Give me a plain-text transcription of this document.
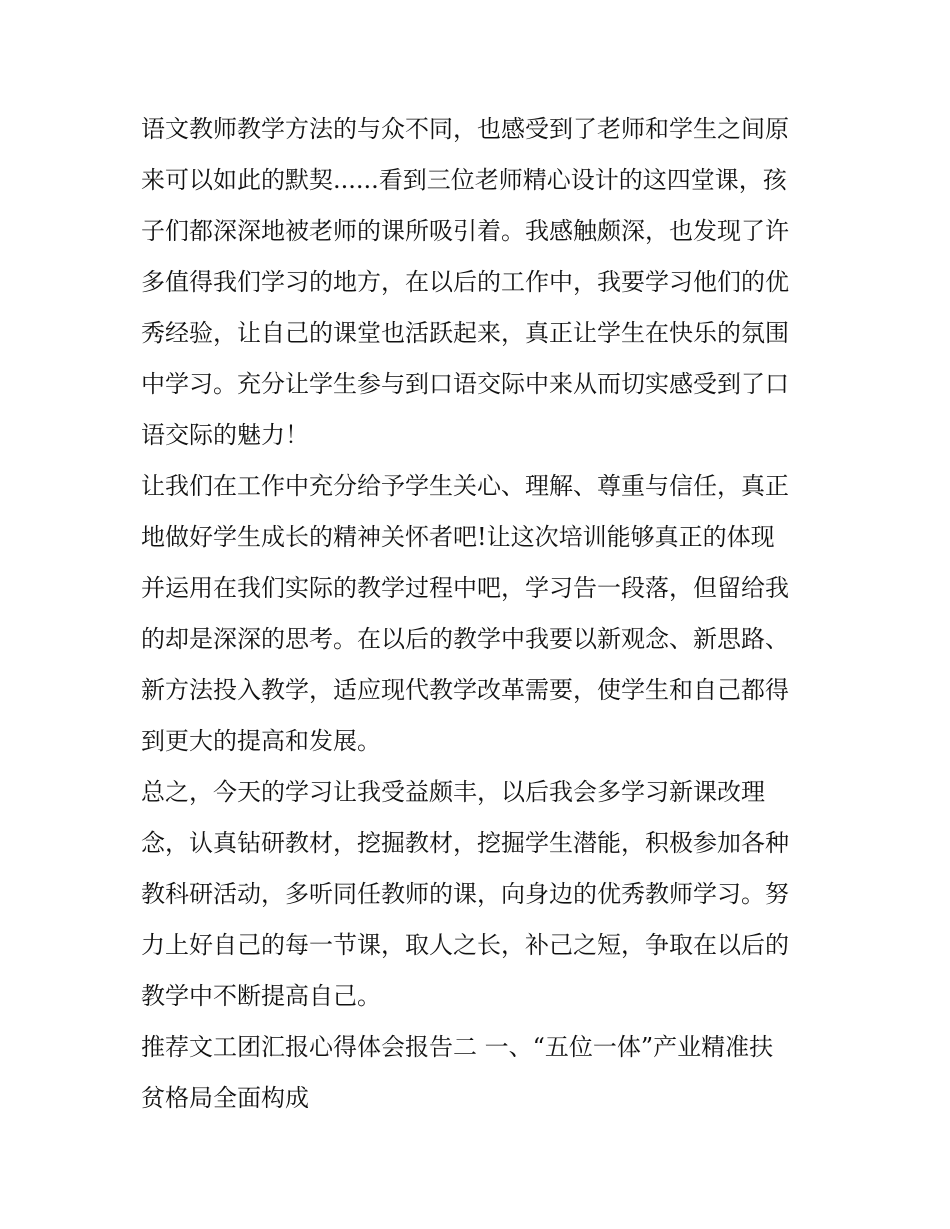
语文教师教学方法的与众不同，也感受到了老师和学生之间原
来可以如此的默契......看到三位老师精心设计的这四堂课，孩
子们都深深地被老师的课所吸引着。我感触颇深，也发现了许
多值得我们学习的地方，在以后的工作中，我要学习他们的优
秀经验，让自己的课堂也活跃起来，真正让学生在快乐的氛围
中学习。充分让学生参与到口语交际中来从而切实感受到了口
语交际的魅力！
让我们在工作中充分给予学生关心、理解、尊重与信任，真正
地做好学生成长的精神关怀者吧!让这次培训能够真正的体现
并运用在我们实际的教学过程中吧，学习告一段落，但留给我
的却是深深的思考。在以后的教学中我要以新观念、新思路、
新方法投入教学，适应现代教学改革需要，使学生和自己都得
到更大的提高和发展。
总之，今天的学习让我受益颇丰，以后我会多学习新课改理
念，认真钻研教材，挖掘教材，挖掘学生潜能，积极参加各种
教科研活动，多听同任教师的课，向身边的优秀教师学习。努
力上好自己的每一节课，取人之长，补己之短，争取在以后的
教学中不断提高自己。
推荐文工团汇报心得体会报告二 一、“五位一体”产业精准扶
贫格局全面构成
